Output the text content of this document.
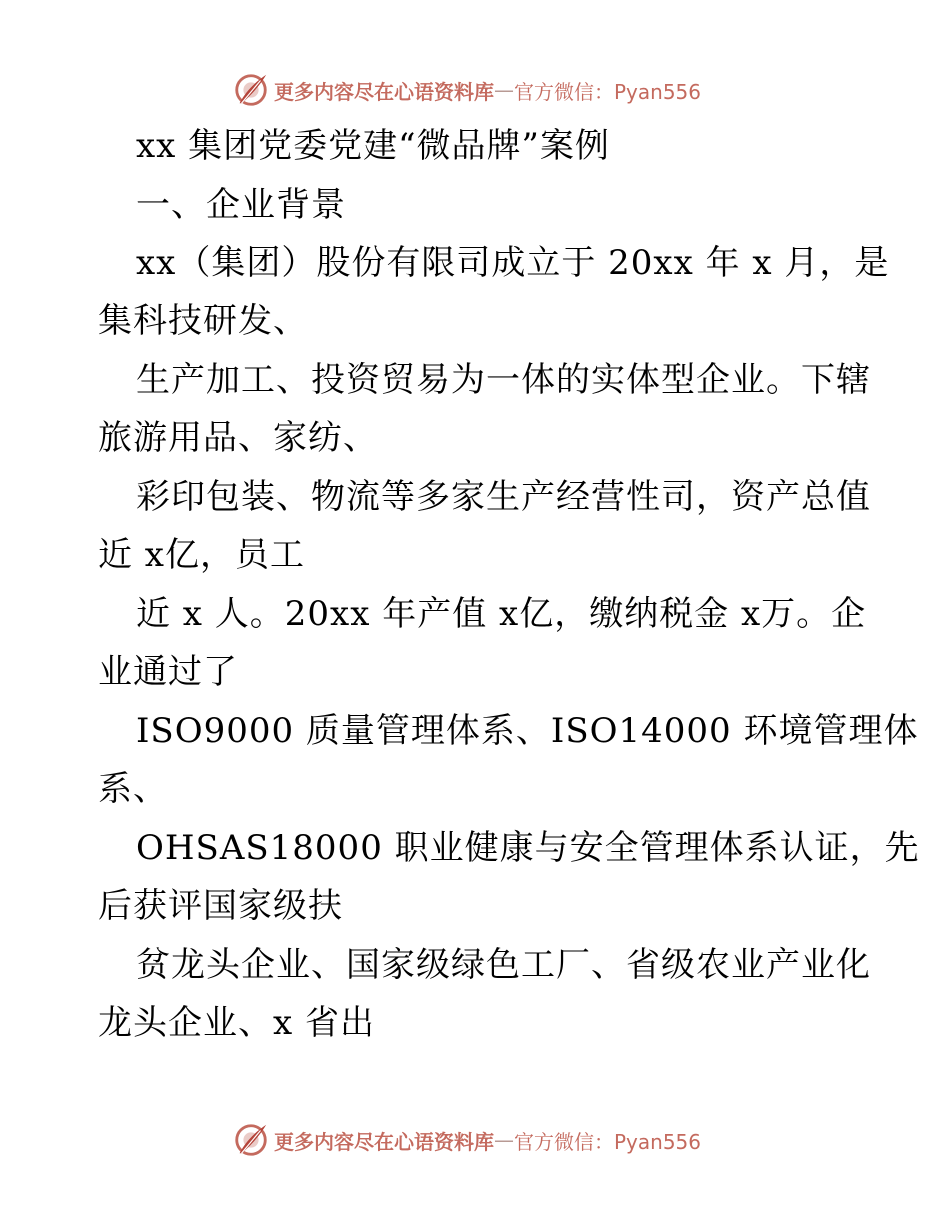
更多内容尽在心语资料库 — 官方微信：Pyan556
xx 集团党委党建“微品牌”案例
一、企业背景
xx（集团）股份有限司成立于 20xx 年 x 月，是
集科技研发、
生产加工、投资贸易为一体的实体型企业。下辖
旅游用品、家纺、
彩印包装、物流等多家生产经营性司，资产总值
近 x亿，员工
近 x 人。20xx 年产值 x亿，缴纳税金 x万。企
业通过了
ISO9000 质量管理体系、ISO14000 环境管理体
系、
OHSAS18000 职业健康与安全管理体系认证，先
后获评国家级扶
贫龙头企业、国家级绿色工厂、省级农业产业化
龙头企业、x 省出
更多内容尽在心语资料库 — 官方微信：Pyan556
